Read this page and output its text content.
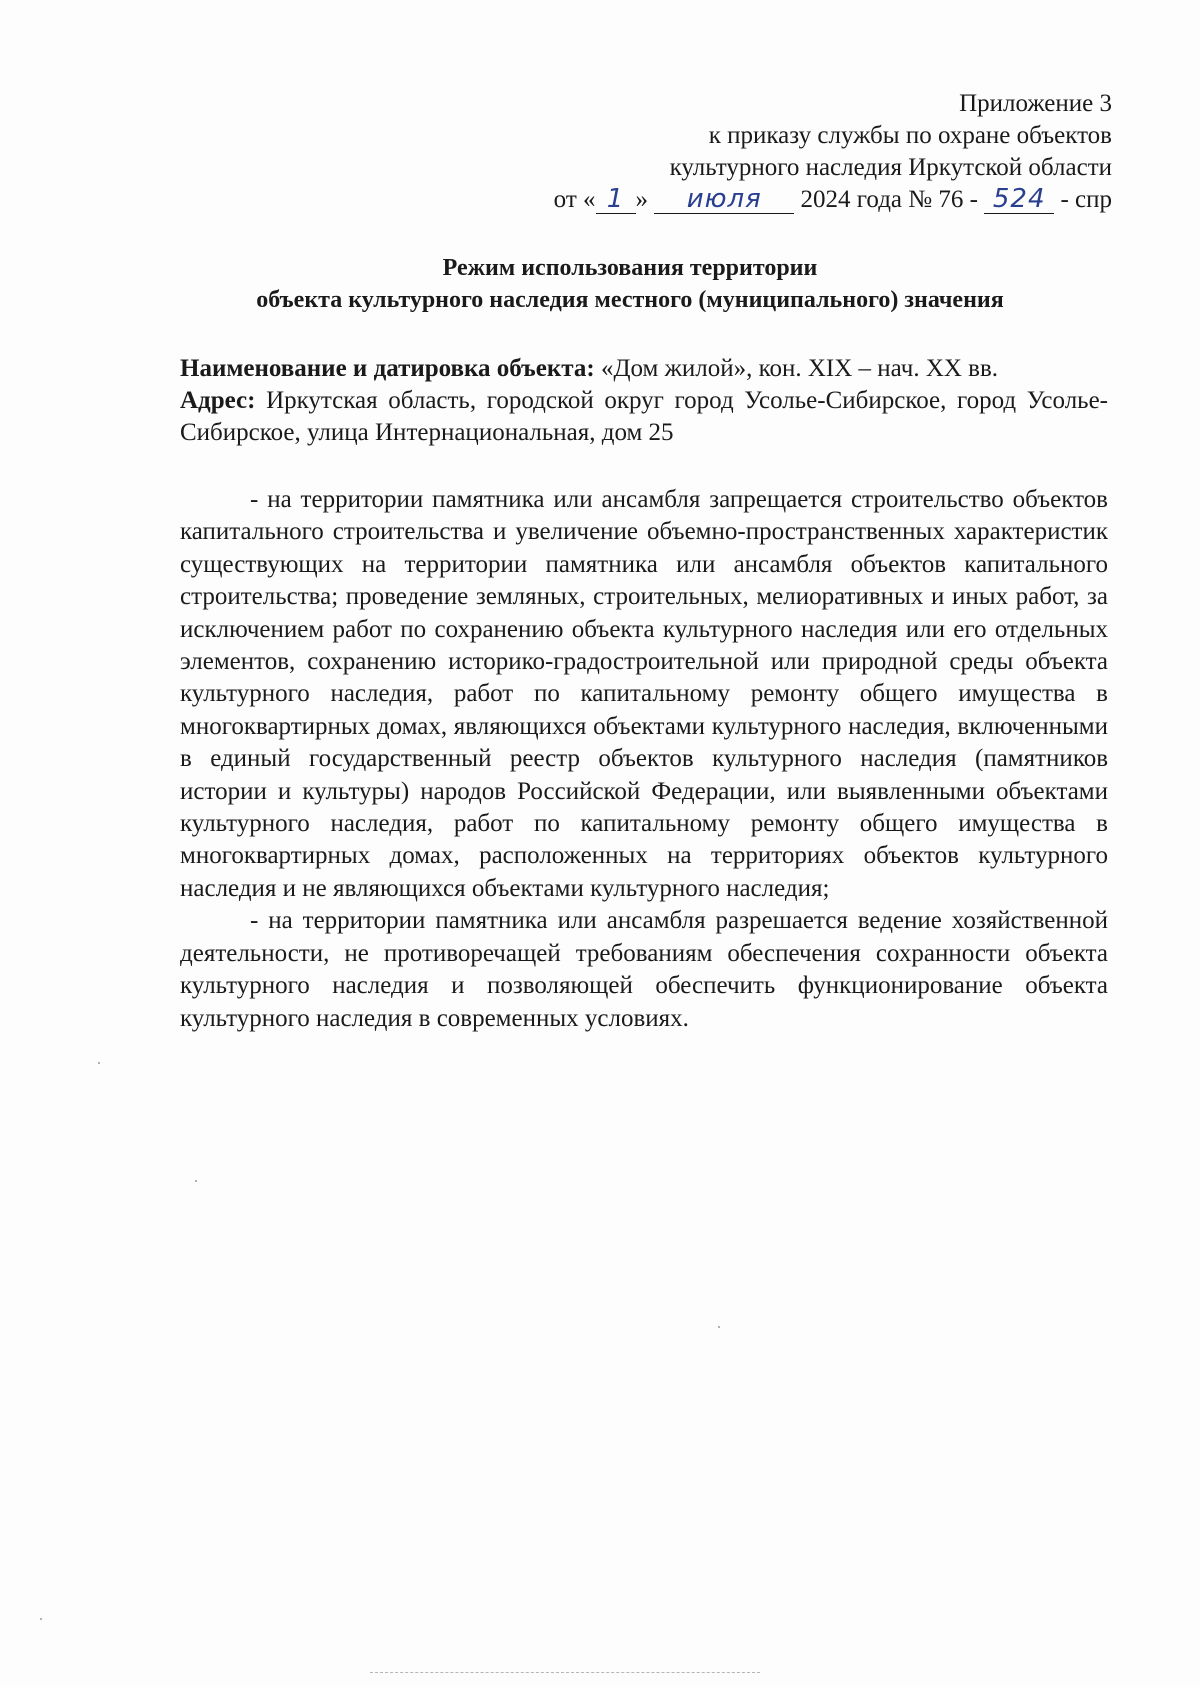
Приложение 3
к приказу службы по охране объектов
культурного наследия Иркутской области
от « 1 » июля 2024 года № 76 - 524 - спр
Режим использования территории
объекта культурного наследия местного (муниципального) значения
Наименование и датировка объекта: «Дом жилой», кон. XIX – нач. XX вв.
Адрес: Иркутская область, городской округ город Усолье-Сибирское, город Усолье-Сибирское, улица Интернациональная, дом 25

- на территории памятника или ансамбля запрещается строительство объектов капитального строительства и увеличение объемно-пространственных характеристик существующих на территории памятника или ансамбля объектов капитального строительства; проведение земляных, строительных, мелиоративных и иных работ, за исключением работ по сохранению объекта культурного наследия или его отдельных элементов, сохранению историко-градостроительной или природной среды объекта культурного наследия, работ по капитальному ремонту общего имущества в многоквартирных домах, являющихся объектами культурного наследия, включенными в единый государственный реестр объектов культурного наследия (памятников истории и культуры) народов Российской Федерации, или выявленными объектами культурного наследия, работ по капитальному ремонту общего имущества в многоквартирных домах, расположенных на территориях объектов культурного наследия и не являющихся объектами культурного наследия;

- на территории памятника или ансамбля разрешается ведение хозяйственной деятельности, не противоречащей требованиям обеспечения сохранности объекта культурного наследия и позволяющей обеспечить функционирование объекта культурного наследия в современных условиях.
